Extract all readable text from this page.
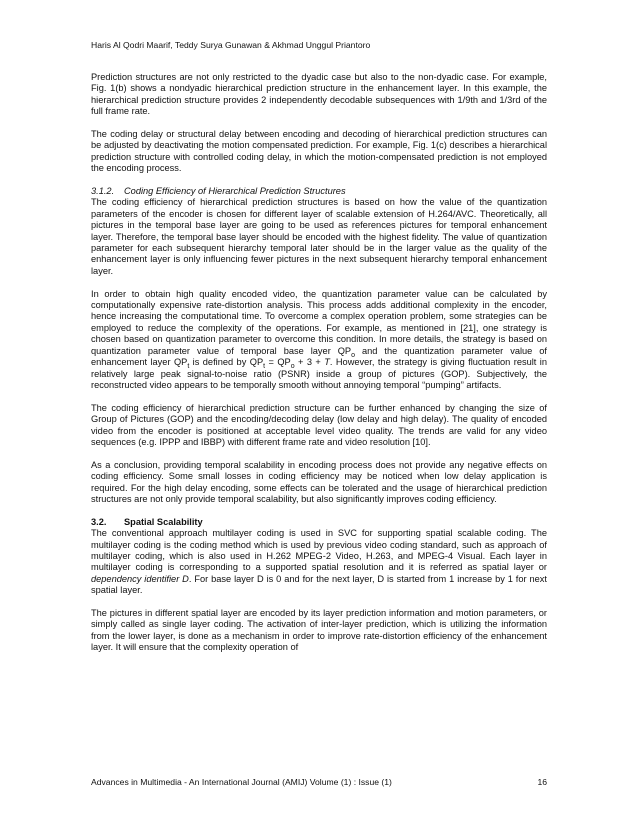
Haris Al Qodri Maarif, Teddy Surya Gunawan & Akhmad Unggul Priantoro

Prediction structures are not only restricted to the dyadic case but also to the non-dyadic case. For example, Fig. 1(b) shows a nondyadic hierarchical prediction structure in the enhancement layer. In this example, the hierarchical prediction structure provides 2 independently decodable subsequences with 1/9th and 1/3rd of the full frame rate.

The coding delay or structural delay between encoding and decoding of hierarchical prediction structures can be adjusted by deactivating the motion compensated prediction. For example, Fig. 1(c) describes a hierarchical prediction structure with controlled coding delay, in which the motion-compensated prediction is not employed the encoding process.

3.1.2. Coding Efficiency of Hierarchical Prediction Structures

The coding efficiency of hierarchical prediction structures is based on how the value of the quantization parameters of the encoder is chosen for different layer of scalable extension of H.264/AVC. Theoretically, all pictures in the temporal base layer are going to be used as references pictures for temporal enhancement layer. Therefore, the temporal base layer should be encoded with the highest fidelity. The value of quantization parameter for each subsequent hierarchy temporal later should be in the larger value as the quality of the enhancement layer is only influencing fewer pictures in the next subsequent hierarchy temporal enhancement layer.

In order to obtain high quality encoded video, the quantization parameter value can be calculated by computationally expensive rate-distortion analysis. This process adds additional complexity in the encoder, hence increasing the computational time. To overcome a complex operation problem, some strategies can be employed to reduce the complexity of the operations. For example, as mentioned in [21], one strategy is chosen based on quantization parameter to overcome this condition. In more details, the strategy is based on quantization parameter value of temporal base layer $QP_o$ and the quantization parameter value of enhancement layer $QP_t$ is defined by $QP_t = QP_o + 3 + T$. However, the strategy is giving fluctuation result in relatively large peak signal-to-noise ratio (PSNR) inside a group of pictures (GOP). Subjectively, the reconstructed video appears to be temporally smooth without annoying temporal “pumping” artifacts.

The coding efficiency of hierarchical prediction structure can be further enhanced by changing the size of Group of Pictures (GOP) and the encoding/decoding delay (low delay and high delay). The quality of encoded video from the encoder is positioned at acceptable level video quality. The trends are valid for any video sequences (e.g. IPPP and IBBP) with different frame rate and video resolution [10].

As a conclusion, providing temporal scalability in encoding process does not provide any negative effects on coding efficiency. Some small losses in coding efficiency may be noticed when low delay application is required. For the high delay encoding, some effects can be tolerated and the usage of hierarchical prediction structures are not only provide temporal scalability, but also significantly improves coding efficiency.

3.2. Spatial Scalability

The conventional approach multilayer coding is used in SVC for supporting spatial scalable coding. The multilayer coding is the coding method which is used by previous video coding standard, such as approach of multilayer coding, which is also used in H.262 MPEG-2 Video, H.263, and MPEG-4 Visual. Each layer in multilayer coding is corresponding to a supported spatial resolution and it is referred as spatial layer or dependency identifier D. For base layer D is 0 and for the next layer, D is started from 1 increase by 1 for next spatial layer.

The pictures in different spatial layer are encoded by its layer prediction information and motion parameters, or simply called as single layer coding. The activation of inter-layer prediction, which is utilizing the information from the lower layer, is done as a mechanism in order to improve rate-distortion efficiency of the enhancement layer. It will ensure that the complexity operation of

Advances in Multimedia - An International Journal (AMIJ) Volume (1) : Issue (1)	16
